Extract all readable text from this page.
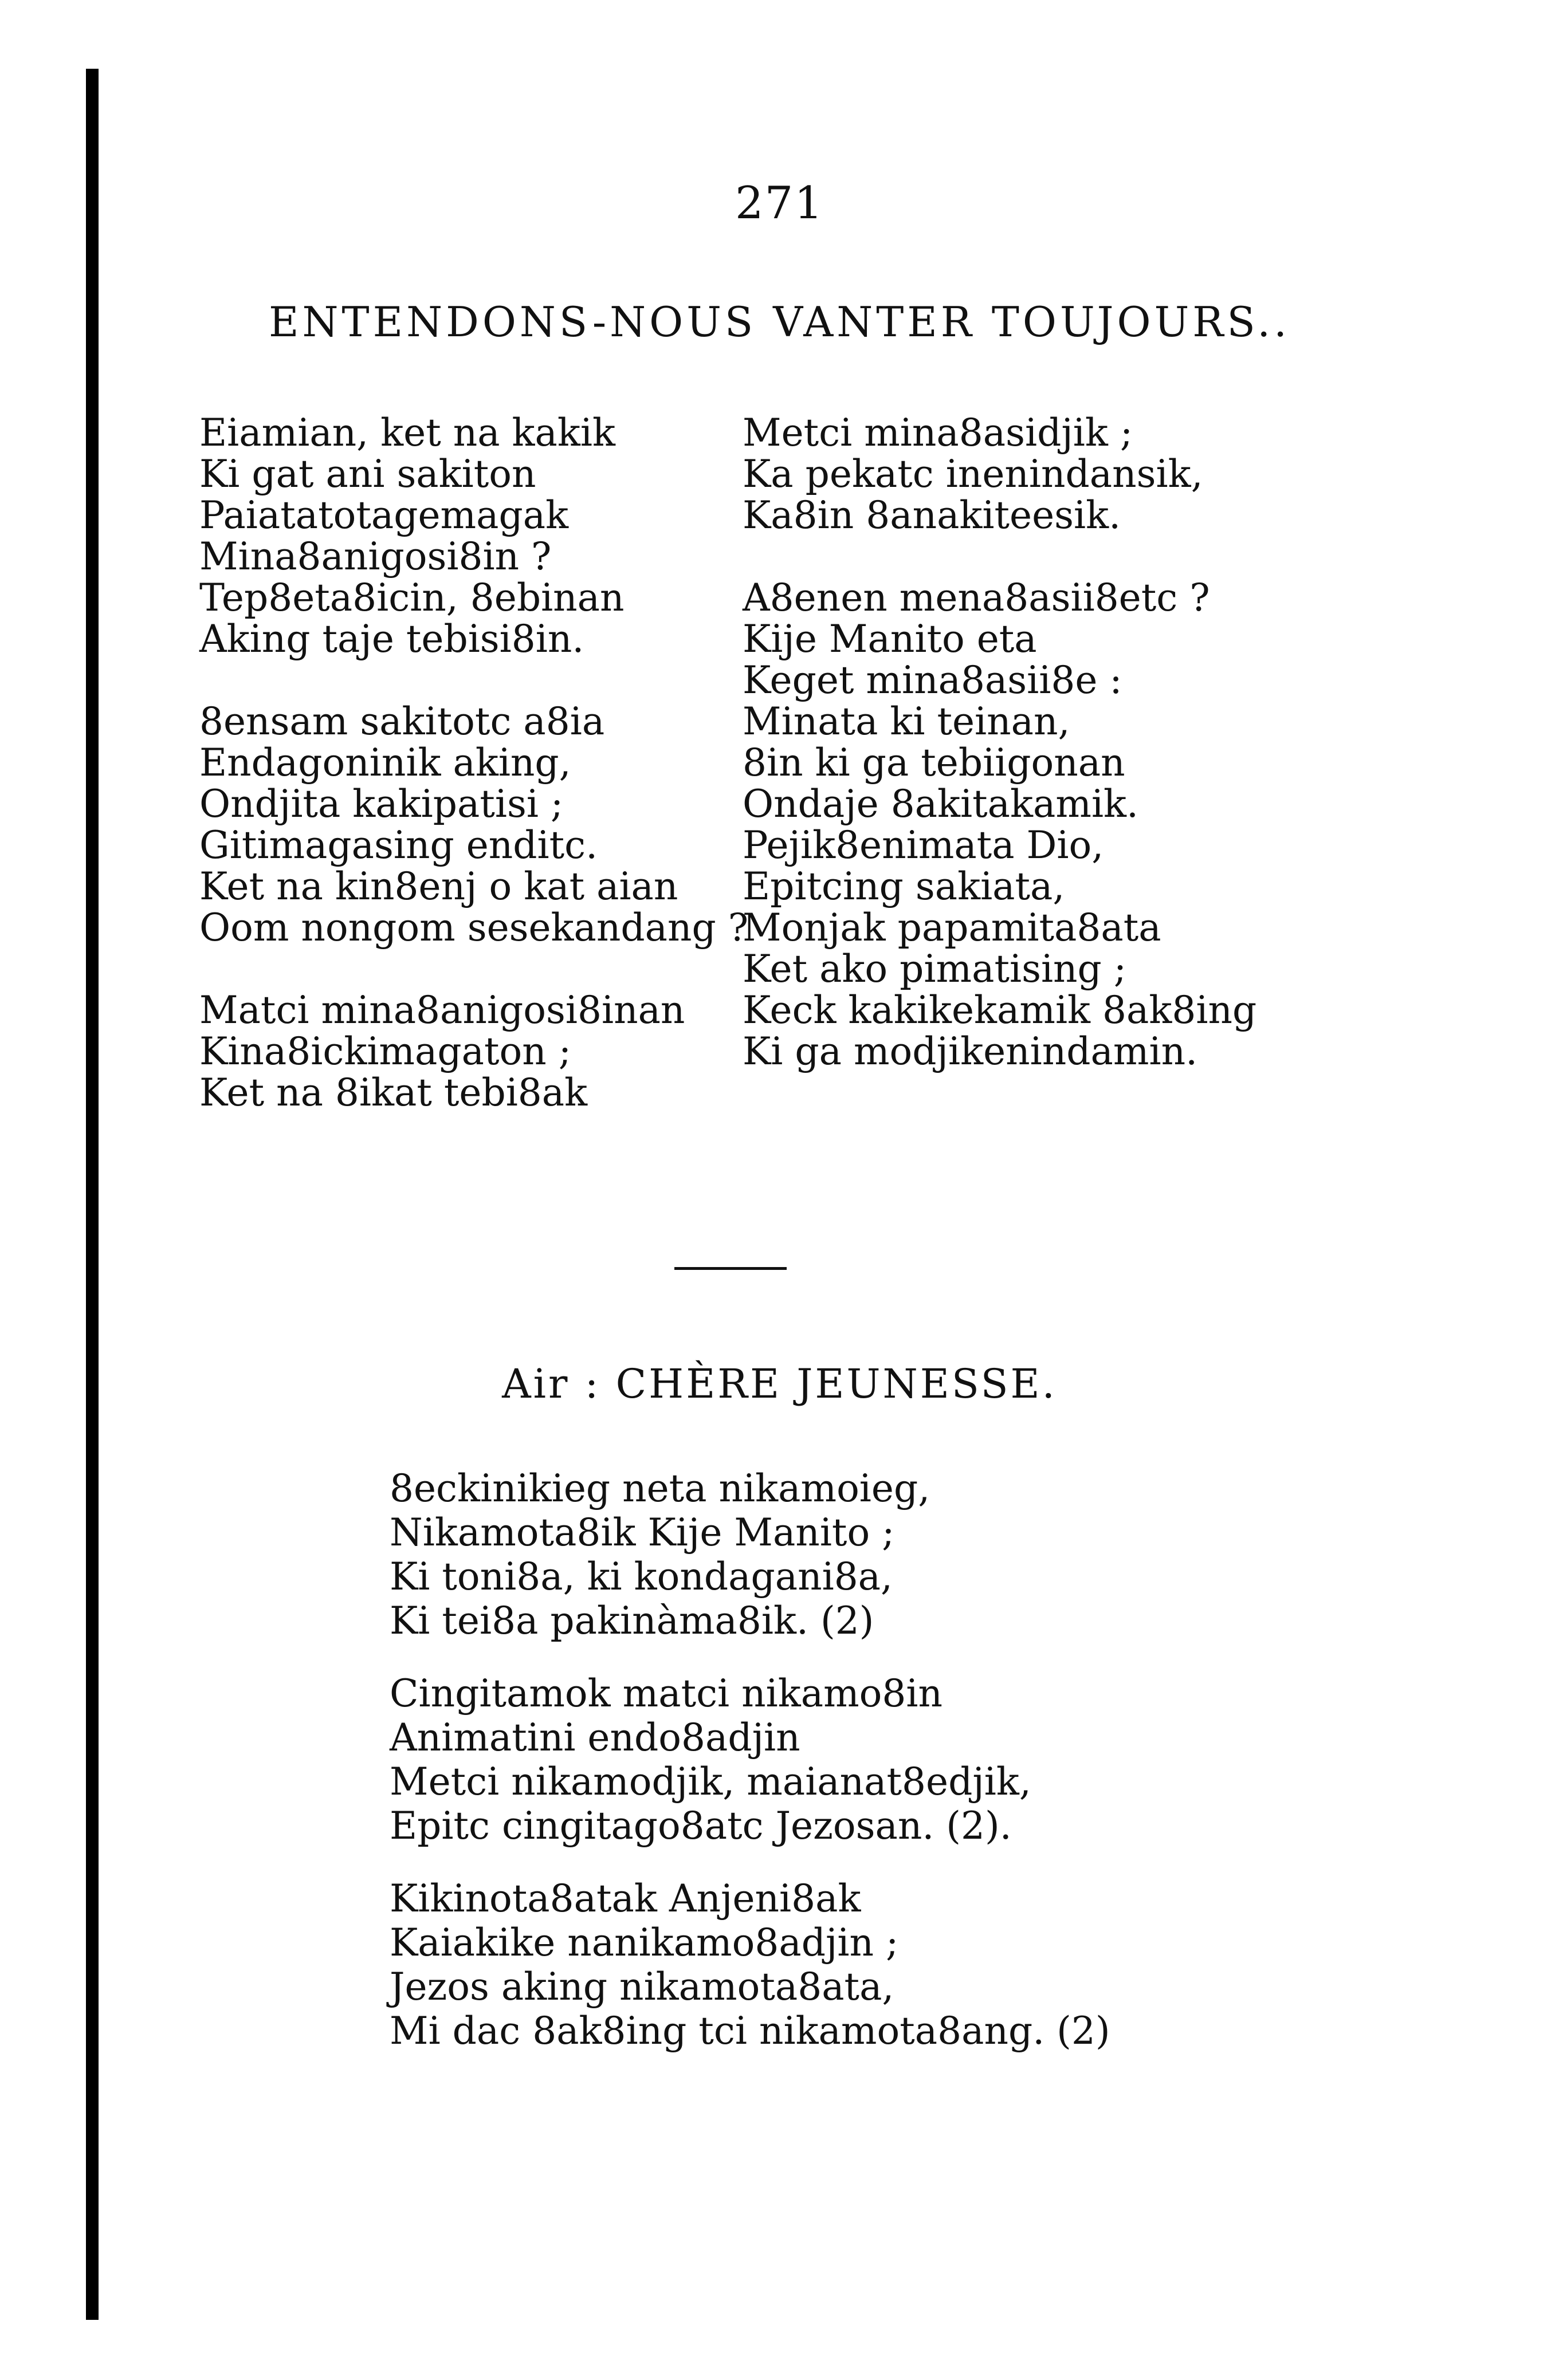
271
ENTENDONS-NOUS VANTER TOUJOURS..
Eiamian, ket na kakik
Ki gat ani sakiton
Paiatatotagemagak
Mina8anigosi8in ?
Tep8eta8icin, 8ebinan
Aking taje tebisi8in.
8ensam sakitotc a8ia
Endagoninik aking,
Ondjita kakipatisi ;
Gitimagasing enditc.
Ket na kin8enj o kat aian
Oom nongom sesekandang ?
Matci mina8anigosi8inan
Kina8ickimagaton ;
Ket na 8ikat tebi8ak
Metci mina8asidjik ;
Ka pekatc inenindansik,
Ka8in 8anakiteesik.
A8enen mena8asii8etc ?
Kije Manito eta
Keget mina8asii8e :
Minata ki teinan,
8in ki ga tebiigonan
Ondaje 8akitakamik.
Pejik8enimata Dio,
Epitcing sakiata,
Monjak papamita8ata
Ket ako pimatising ;
Keck kakikekamik 8ak8ing
Ki ga modjikenindamin.
Air : CHÈRE JEUNESSE.
8eckinikieg neta nikamoieg,
Nikamota8ik Kije Manito ;
Ki toni8a, ki kondagani8a,
Ki tei8a pakinàma8ik. (2)
Cingitamok matci nikamo8in
Animatini endo8adjin
Metci nikamodjik, maianat8edjik,
Epitc cingitago8atc Jezosan. (2).
Kikinota8atak Anjeni8ak
Kaiakike nanikamo8adjin ;
Jezos aking nikamota8ata,
Mi dac 8ak8ing tci nikamota8ang. (2)
